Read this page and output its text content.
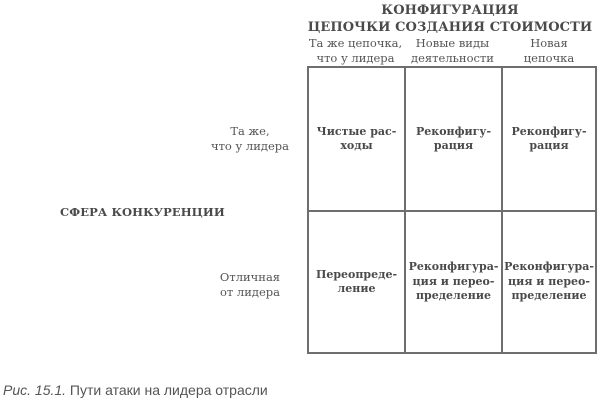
КОНФИГУРАЦИЯ
ЦЕПОЧКИ СОЗДАНИЯ СТОИМОСТИ
Та же цепочка,
что у лидера
Новые виды
деятельности
Новая
цепочка
Та же,
что у лидера
Отличная
от лидера
СФЕРА КОНКУРЕНЦИИ
Чистые рас-
ходы
Реконфигу-
рация
Реконфигу-
рация
Переопреде-
ление
Реконфигура-
ция и перео-
пределение
Реконфигура-
ция и перео-
пределение
Рис. 15.1. Пути атаки на лидера отрасли
